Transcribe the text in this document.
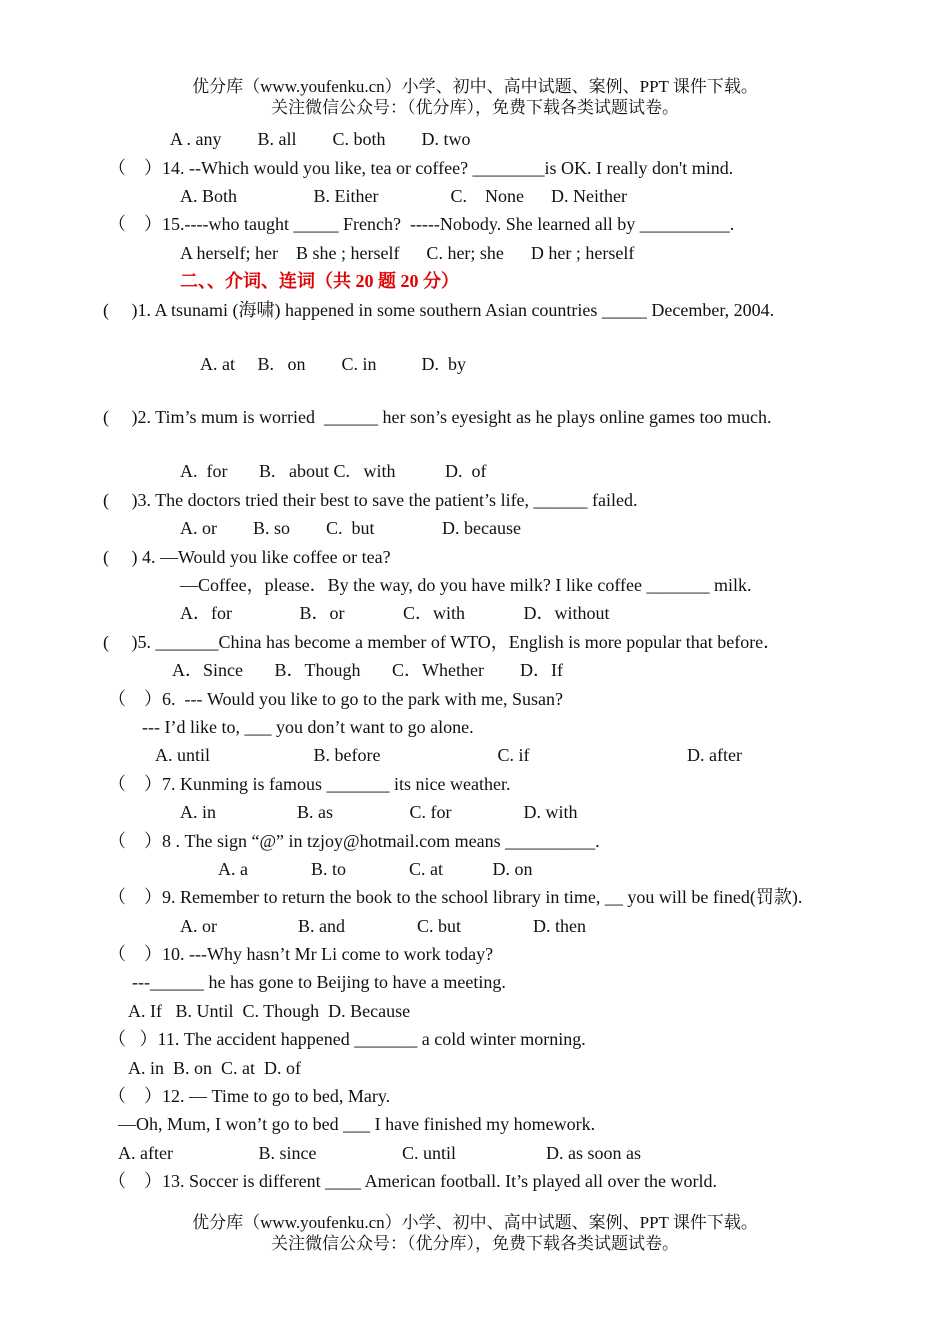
优分库（www.youfenku.cn）小学、初中、高中试题、案例、PPT 课件下载。
关注微信公众号：（优分库），免费下载各类试题试卷。
A . any        B. all        C. both        D. two
（    ）14. --Which would you like, tea or coffee? ________is OK. I really don't mind.
A. Both                 B. Either                C.    None      D. Neither
（    ）15.----who taught _____ French?  -----Nobody. She learned all by __________.
A herself; her    B she ; herself      C. her; she      D her ; herself
二、、介词、连词（共 20 题 20 分）
(     )1. A tsunami (海啸) happened in some southern Asian countries _____ December, 2004.
A. at     B.   on        C. in          D.  by
(     )2. Tim’s mum is worried  ______ her son’s eyesight as he plays online games too much.
A.  for       B.   about C.   with           D.  of
(     )3. The doctors tried their best to save the patient’s life, ______ failed.
A. or        B. so        C.  but               D. because
(     ) 4. —Would you like coffee or tea?
—Coffee，please．By the way, do you have milk? I like coffee _______ milk.
A．for               B．or             C．with             D．without
(     )5. _______China has become a member of WTO，English is more popular that before．
A．Since       B．Though       C．Whether        D．If
（    ）6.  --- Would you like to go to the park with me, Susan?
--- I’d like to, ___ you don’t want to go alone.
A. until                       B. before                          C. if                                   D. after
（    ）7. Kunming is famous _______ its nice weather.
A. in                  B. as                 C. for                D. with
（    ）8 . The sign “@” in tzjoy@hotmail.com means __________.
A. a              B. to              C. at           D. on
（    ）9. Remember to return the book to the school library in time, __ you will be fined(罚款).
A. or                  B. and                C. but                D. then
（    ）10. ---Why hasn’t Mr Li come to work today?
---______ he has gone to Beijing to have a meeting.
A. If   B. Until  C. Though  D. Because
（   ）11. The accident happened _______ a cold winter morning.
A. in  B. on  C. at  D. of
（    ）12. — Time to go to bed, Mary.
—Oh, Mum, I won’t go to bed ___ I have finished my homework.
A. after                   B. since                   C. until                    D. as soon as
（    ）13. Soccer is different ____ American football. It’s played all over the world.
优分库（www.youfenku.cn）小学、初中、高中试题、案例、PPT 课件下载。
关注微信公众号：（优分库），免费下载各类试题试卷。
